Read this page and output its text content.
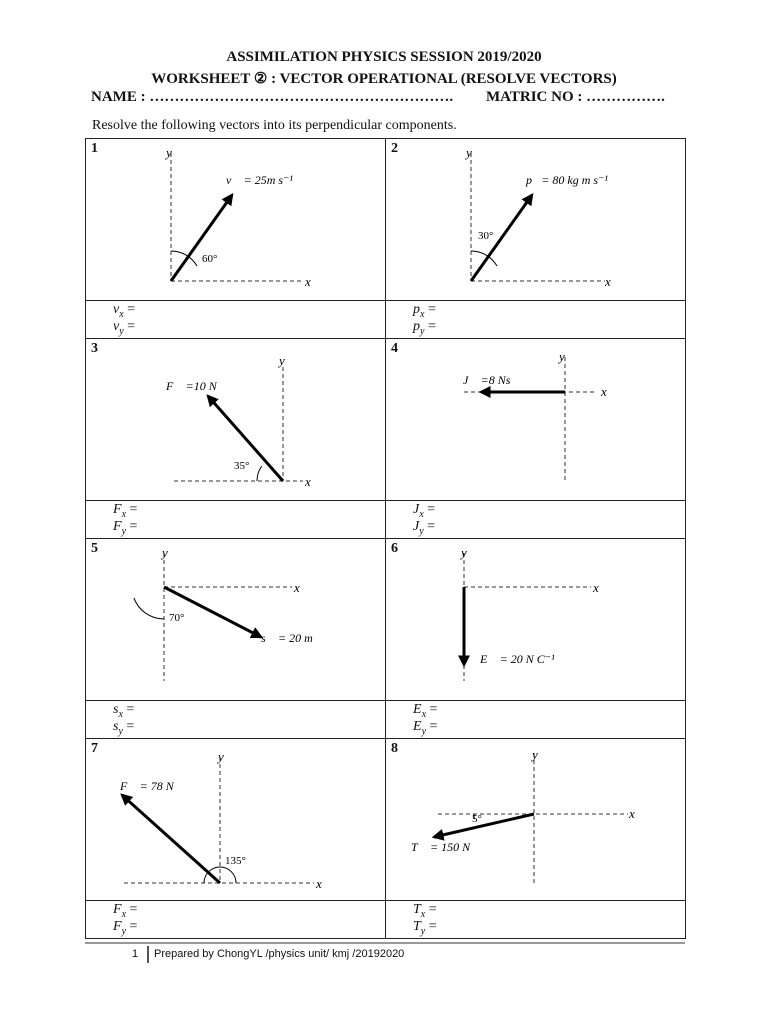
ASSIMILATION PHYSICS SESSION 2019/2020
WORKSHEET ② : VECTOR OPERATIONAL (RESOLVE VECTORS)
NAME : ……………………………………………………. MATRIC NO : …………….
Resolve the following vectors into its perpendicular components.
1
x
y
v⃗ = 25m s⁻¹
60°
$v_x$ =
$v_y$ =
2
x
y
p⃗= 80 kg m s⁻¹
30°
$p_x$ =
$p_y$ =
3
x
y
F⃗ =10 N
35°
$F_x$ =
$F_y$ =
4
x
y
J⃗ =8 Ns
$J_x$ =
$J_y$ =
5
x
y
s⃗ = 20 m
70°
$s_x$ =
$s_y$ =
6
x
y
E⃗ = 20 N C⁻¹
$E_x$ =
$E_y$ =
7
x
y
F⃗ = 78 N
135°
$F_x$ =
$F_y$ =
8
x
y
T⃗ = 150 N
5°
$T_x$ =
$T_y$ =
1 Prepared by ChongYL /physics unit/ kmj /20192020
